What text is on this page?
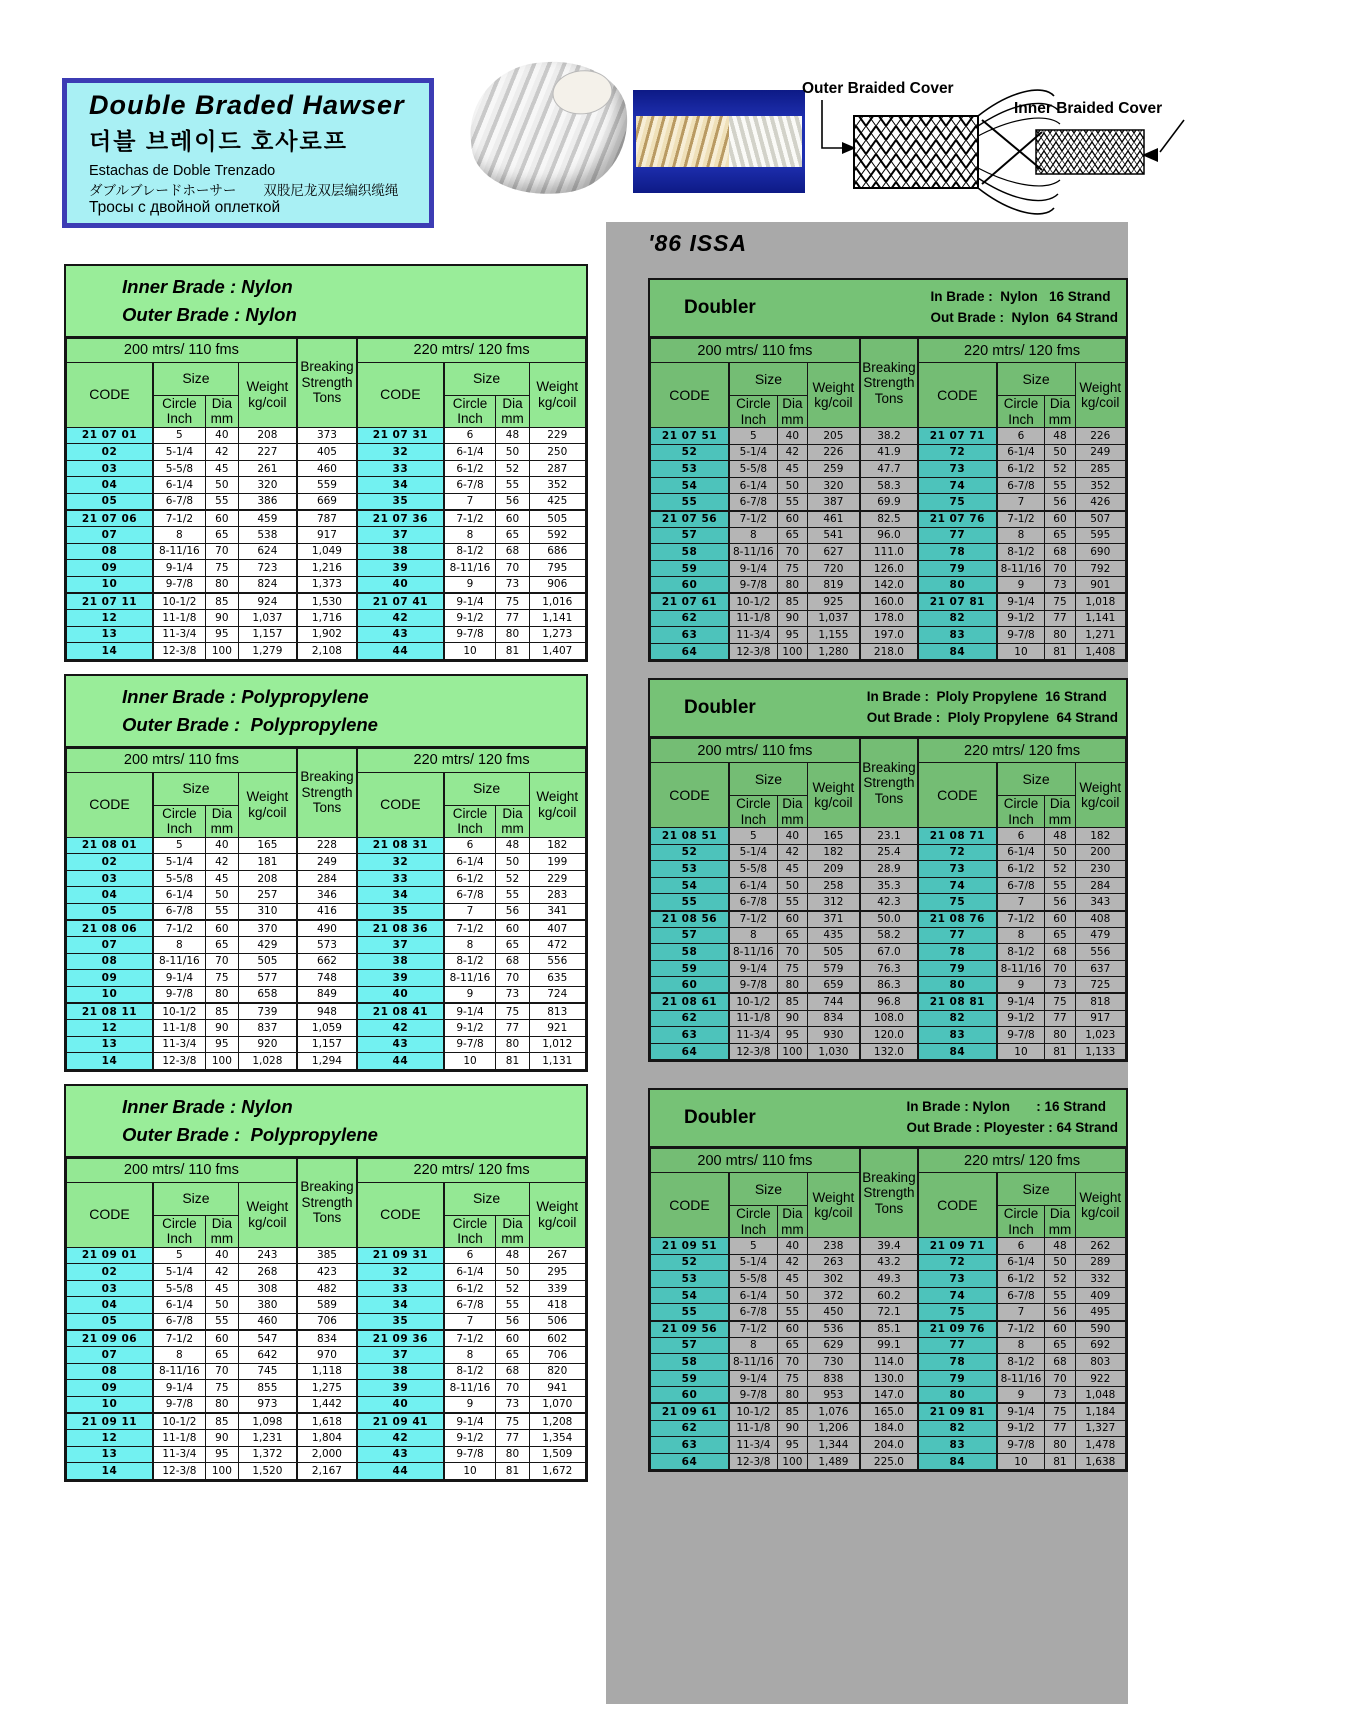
Double Braded Hawser
더블 브레이드 호사로프
Estachas de Doble Trenzado
ダブルブレードホーサー　　双股尼龙双层编织缆绳
Тросы с двойной оплеткой
Outer Braided Cover
Inner Braided Cover
Inner Brade : Nylon
Outer Brade : Nylon
200 mtrs/ 110 fms				Breaking
Strength
Tons	220 mtrs/ 120 fms			
CODE	Size	
Weight
kg/coil	CODE	Size	
Weight
kg/coil

Circle
Inch

Dia
mm

Circle
Inch

Dia
mm

21 07 01	5	40	208	373	21 07 31	6	48	229
02	5-1/4	42	227	405	32	6-1/4	50	250
03	5-5/8	45	261	460	33	6-1/2	52	287
04	6-1/4	50	320	559	34	6-7/8	55	352
05	6-7/8	55	386	669	35	7	56	425
21 07 06	7-1/2	60	459	787	21 07 36	7-1/2	60	505
07	8	65	538	917	37	8	65	592
08	8-11/16	70	624	1,049	38	8-1/2	68	686
09	9-1/4	75	723	1,216	39	8-11/16	70	795
10	9-7/8	80	824	1,373	40	9	73	906
21 07 11	10-1/2	85	924	1,530	21 07 41	9-1/4	75	1,016
12	11-1/8	90	1,037	1,716	42	9-1/2	77	1,141
13	11-3/4	95	1,157	1,902	43	9-7/8	80	1,273
14	12-3/8	100	1,279	2,108	44	10	81	1,407
Inner Brade : Polypropylene
Outer Brade :  Polypropylene
200 mtrs/ 110 fms				Breaking
Strength
Tons	220 mtrs/ 120 fms			
CODE	Size	
Weight
kg/coil	CODE	Size	
Weight
kg/coil

Circle
Inch

Dia
mm

Circle
Inch

Dia
mm

21 08 01	5	40	165	228	21 08 31	6	48	182
02	5-1/4	42	181	249	32	6-1/4	50	199
03	5-5/8	45	208	284	33	6-1/2	52	229
04	6-1/4	50	257	346	34	6-7/8	55	283
05	6-7/8	55	310	416	35	7	56	341
21 08 06	7-1/2	60	370	490	21 08 36	7-1/2	60	407
07	8	65	429	573	37	8	65	472
08	8-11/16	70	505	662	38	8-1/2	68	556
09	9-1/4	75	577	748	39	8-11/16	70	635
10	9-7/8	80	658	849	40	9	73	724
21 08 11	10-1/2	85	739	948	21 08 41	9-1/4	75	813
12	11-1/8	90	837	1,059	42	9-1/2	77	921
13	11-3/4	95	920	1,157	43	9-7/8	80	1,012
14	12-3/8	100	1,028	1,294	44	10	81	1,131
Inner Brade : Nylon
Outer Brade :  Polypropylene
200 mtrs/ 110 fms				Breaking
Strength
Tons	220 mtrs/ 120 fms			
CODE	Size	
Weight
kg/coil	CODE	Size	
Weight
kg/coil

Circle
Inch

Dia
mm

Circle
Inch

Dia
mm

21 09 01	5	40	243	385	21 09 31	6	48	267
02	5-1/4	42	268	423	32	6-1/4	50	295
03	5-5/8	45	308	482	33	6-1/2	52	339
04	6-1/4	50	380	589	34	6-7/8	55	418
05	6-7/8	55	460	706	35	7	56	506
21 09 06	7-1/2	60	547	834	21 09 36	7-1/2	60	602
07	8	65	642	970	37	8	65	706
08	8-11/16	70	745	1,118	38	8-1/2	68	820
09	9-1/4	75	855	1,275	39	8-11/16	70	941
10	9-7/8	80	973	1,442	40	9	73	1,070
21 09 11	10-1/2	85	1,098	1,618	21 09 41	9-1/4	75	1,208
12	11-1/8	90	1,231	1,804	42	9-1/2	77	1,354
13	11-3/4	95	1,372	2,000	43	9-7/8	80	1,509
14	12-3/8	100	1,520	2,167	44	10	81	1,672
'86 ISSA
Doubler
In Brade :  Nylon   16 Strand
Out Brade :  Nylon  64 Strand
200 mtrs/ 110 fms				Breaking
Strength
Tons	220 mtrs/ 120 fms			
CODE	Size	
Weight
kg/coil	CODE	Size	
Weight
kg/coil

Circle
Inch

Dia
mm

Circle
Inch

Dia
mm

21 07 51	5	40	205	38.2	21 07 71	6	48	226
52	5-1/4	42	226	41.9	72	6-1/4	50	249
53	5-5/8	45	259	47.7	73	6-1/2	52	285
54	6-1/4	50	320	58.3	74	6-7/8	55	352
55	6-7/8	55	387	69.9	75	7	56	426
21 07 56	7-1/2	60	461	82.5	21 07 76	7-1/2	60	507
57	8	65	541	96.0	77	8	65	595
58	8-11/16	70	627	111.0	78	8-1/2	68	690
59	9-1/4	75	720	126.0	79	8-11/16	70	792
60	9-7/8	80	819	142.0	80	9	73	901
21 07 61	10-1/2	85	925	160.0	21 07 81	9-1/4	75	1,018
62	11-1/8	90	1,037	178.0	82	9-1/2	77	1,141
63	11-3/4	95	1,155	197.0	83	9-7/8	80	1,271
64	12-3/8	100	1,280	218.0	84	10	81	1,408
Doubler
In Brade :  Ploly Propylene  16 Strand
Out Brade :  Ploly Propylene  64 Strand
200 mtrs/ 110 fms				Breaking
Strength
Tons	220 mtrs/ 120 fms			
CODE	Size	
Weight
kg/coil	CODE	Size	
Weight
kg/coil

Circle
Inch

Dia
mm

Circle
Inch

Dia
mm

21 08 51	5	40	165	23.1	21 08 71	6	48	182
52	5-1/4	42	182	25.4	72	6-1/4	50	200
53	5-5/8	45	209	28.9	73	6-1/2	52	230
54	6-1/4	50	258	35.3	74	6-7/8	55	284
55	6-7/8	55	312	42.3	75	7	56	343
21 08 56	7-1/2	60	371	50.0	21 08 76	7-1/2	60	408
57	8	65	435	58.2	77	8	65	479
58	8-11/16	70	505	67.0	78	8-1/2	68	556
59	9-1/4	75	579	76.3	79	8-11/16	70	637
60	9-7/8	80	659	86.3	80	9	73	725
21 08 61	10-1/2	85	744	96.8	21 08 81	9-1/4	75	818
62	11-1/8	90	834	108.0	82	9-1/2	77	917
63	11-3/4	95	930	120.0	83	9-7/8	80	1,023
64	12-3/8	100	1,030	132.0	84	10	81	1,133
Doubler
In Brade : Nylon       : 16 Strand
Out Brade : Ployester : 64 Strand
200 mtrs/ 110 fms				Breaking
Strength
Tons	220 mtrs/ 120 fms			
CODE	Size	
Weight
kg/coil	CODE	Size	
Weight
kg/coil

Circle
Inch

Dia
mm

Circle
Inch

Dia
mm

21 09 51	5	40	238	39.4	21 09 71	6	48	262
52	5-1/4	42	263	43.2	72	6-1/4	50	289
53	5-5/8	45	302	49.3	73	6-1/2	52	332
54	6-1/4	50	372	60.2	74	6-7/8	55	409
55	6-7/8	55	450	72.1	75	7	56	495
21 09 56	7-1/2	60	536	85.1	21 09 76	7-1/2	60	590
57	8	65	629	99.1	77	8	65	692
58	8-11/16	70	730	114.0	78	8-1/2	68	803
59	9-1/4	75	838	130.0	79	8-11/16	70	922
60	9-7/8	80	953	147.0	80	9	73	1,048
21 09 61	10-1/2	85	1,076	165.0	21 09 81	9-1/4	75	1,184
62	11-1/8	90	1,206	184.0	82	9-1/2	77	1,327
63	11-3/4	95	1,344	204.0	83	9-7/8	80	1,478
64	12-3/8	100	1,489	225.0	84	10	81	1,638
